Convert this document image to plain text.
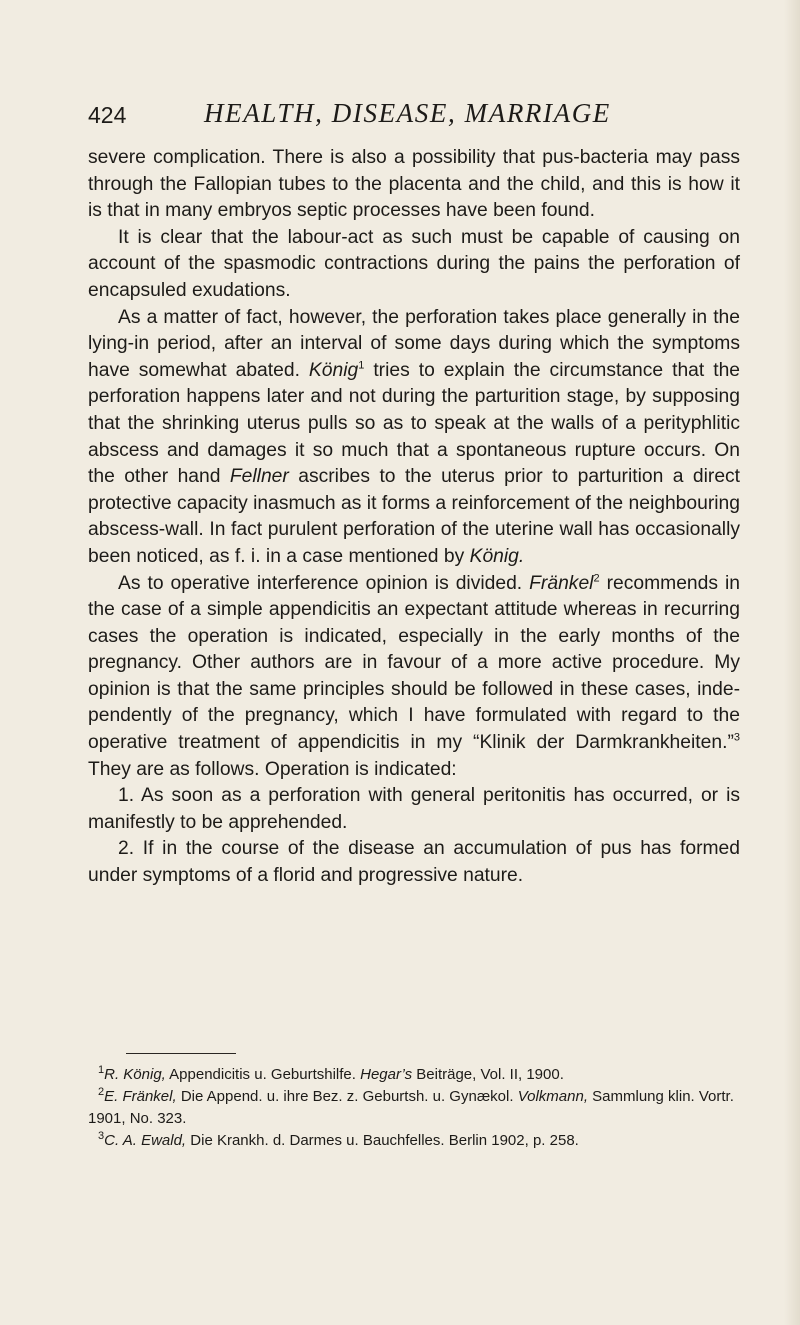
424	HEALTH, DISEASE, MARRIAGE

severe complication. There is also a possibility that pus-bacteria may pass through the Fallopian tubes to the placenta and the child, and this is how it is that in many embryos septic processes have been found.

It is clear that the labour-act as such must be capable of causing on account of the spasmodic contractions during the pains the perforation of encapsuled exudations.

As a matter of fact, however, the perforation takes place generally in the lying-in period, after an interval of some days during which the symptoms have somewhat abated. König$^1$ tries to explain the circumstance that the perforation happens later and not during the parturition stage, by supposing that the shrinking uterus pulls so as to speak at the walls of a perityphlitic abscess and damages it so much that a spontaneous rupture occurs. On the other hand Fellner ascribes to the uterus prior to parturition a direct protective capacity inasmuch as it forms a reinforcement of the neighbouring abscess-wall. In fact purulent perforation of the uterine wall has occasionally been noticed, as f. i. in a case mentioned by König.

As to operative interference opinion is divided. Fränkel$^2$ recommends in the case of a simple appendicitis an expectant attitude whereas in recurring cases the operation is indicated, especially in the early months of the pregnancy. Other authors are in favour of a more active procedure. My opinion is that the same principles should be followed in these cases, inde-pendently of the pregnancy, which I have formulated with regard to the operative treatment of appendicitis in my “Klinik der Darmkrankheiten.”$^3$ They are as follows. Operation is indicated:

1. As soon as a perforation with general peritonitis has occurred, or is manifestly to be apprehended.

2. If in the course of the disease an accumulation of pus has formed under symptoms of a florid and progressive nature.

$^1$R. König, Appendicitis u. Geburtshilfe. Hegar’s Beiträge, Vol. II, 1900.

$^2$E. Fränkel, Die Append. u. ihre Bez. z. Geburtsh. u. Gynækol. Volkmann, Sammlung klin. Vortr. 1901, No. 323.

$^3$C. A. Ewald, Die Krankh. d. Darmes u. Bauchfelles. Berlin 1902, p. 258.
